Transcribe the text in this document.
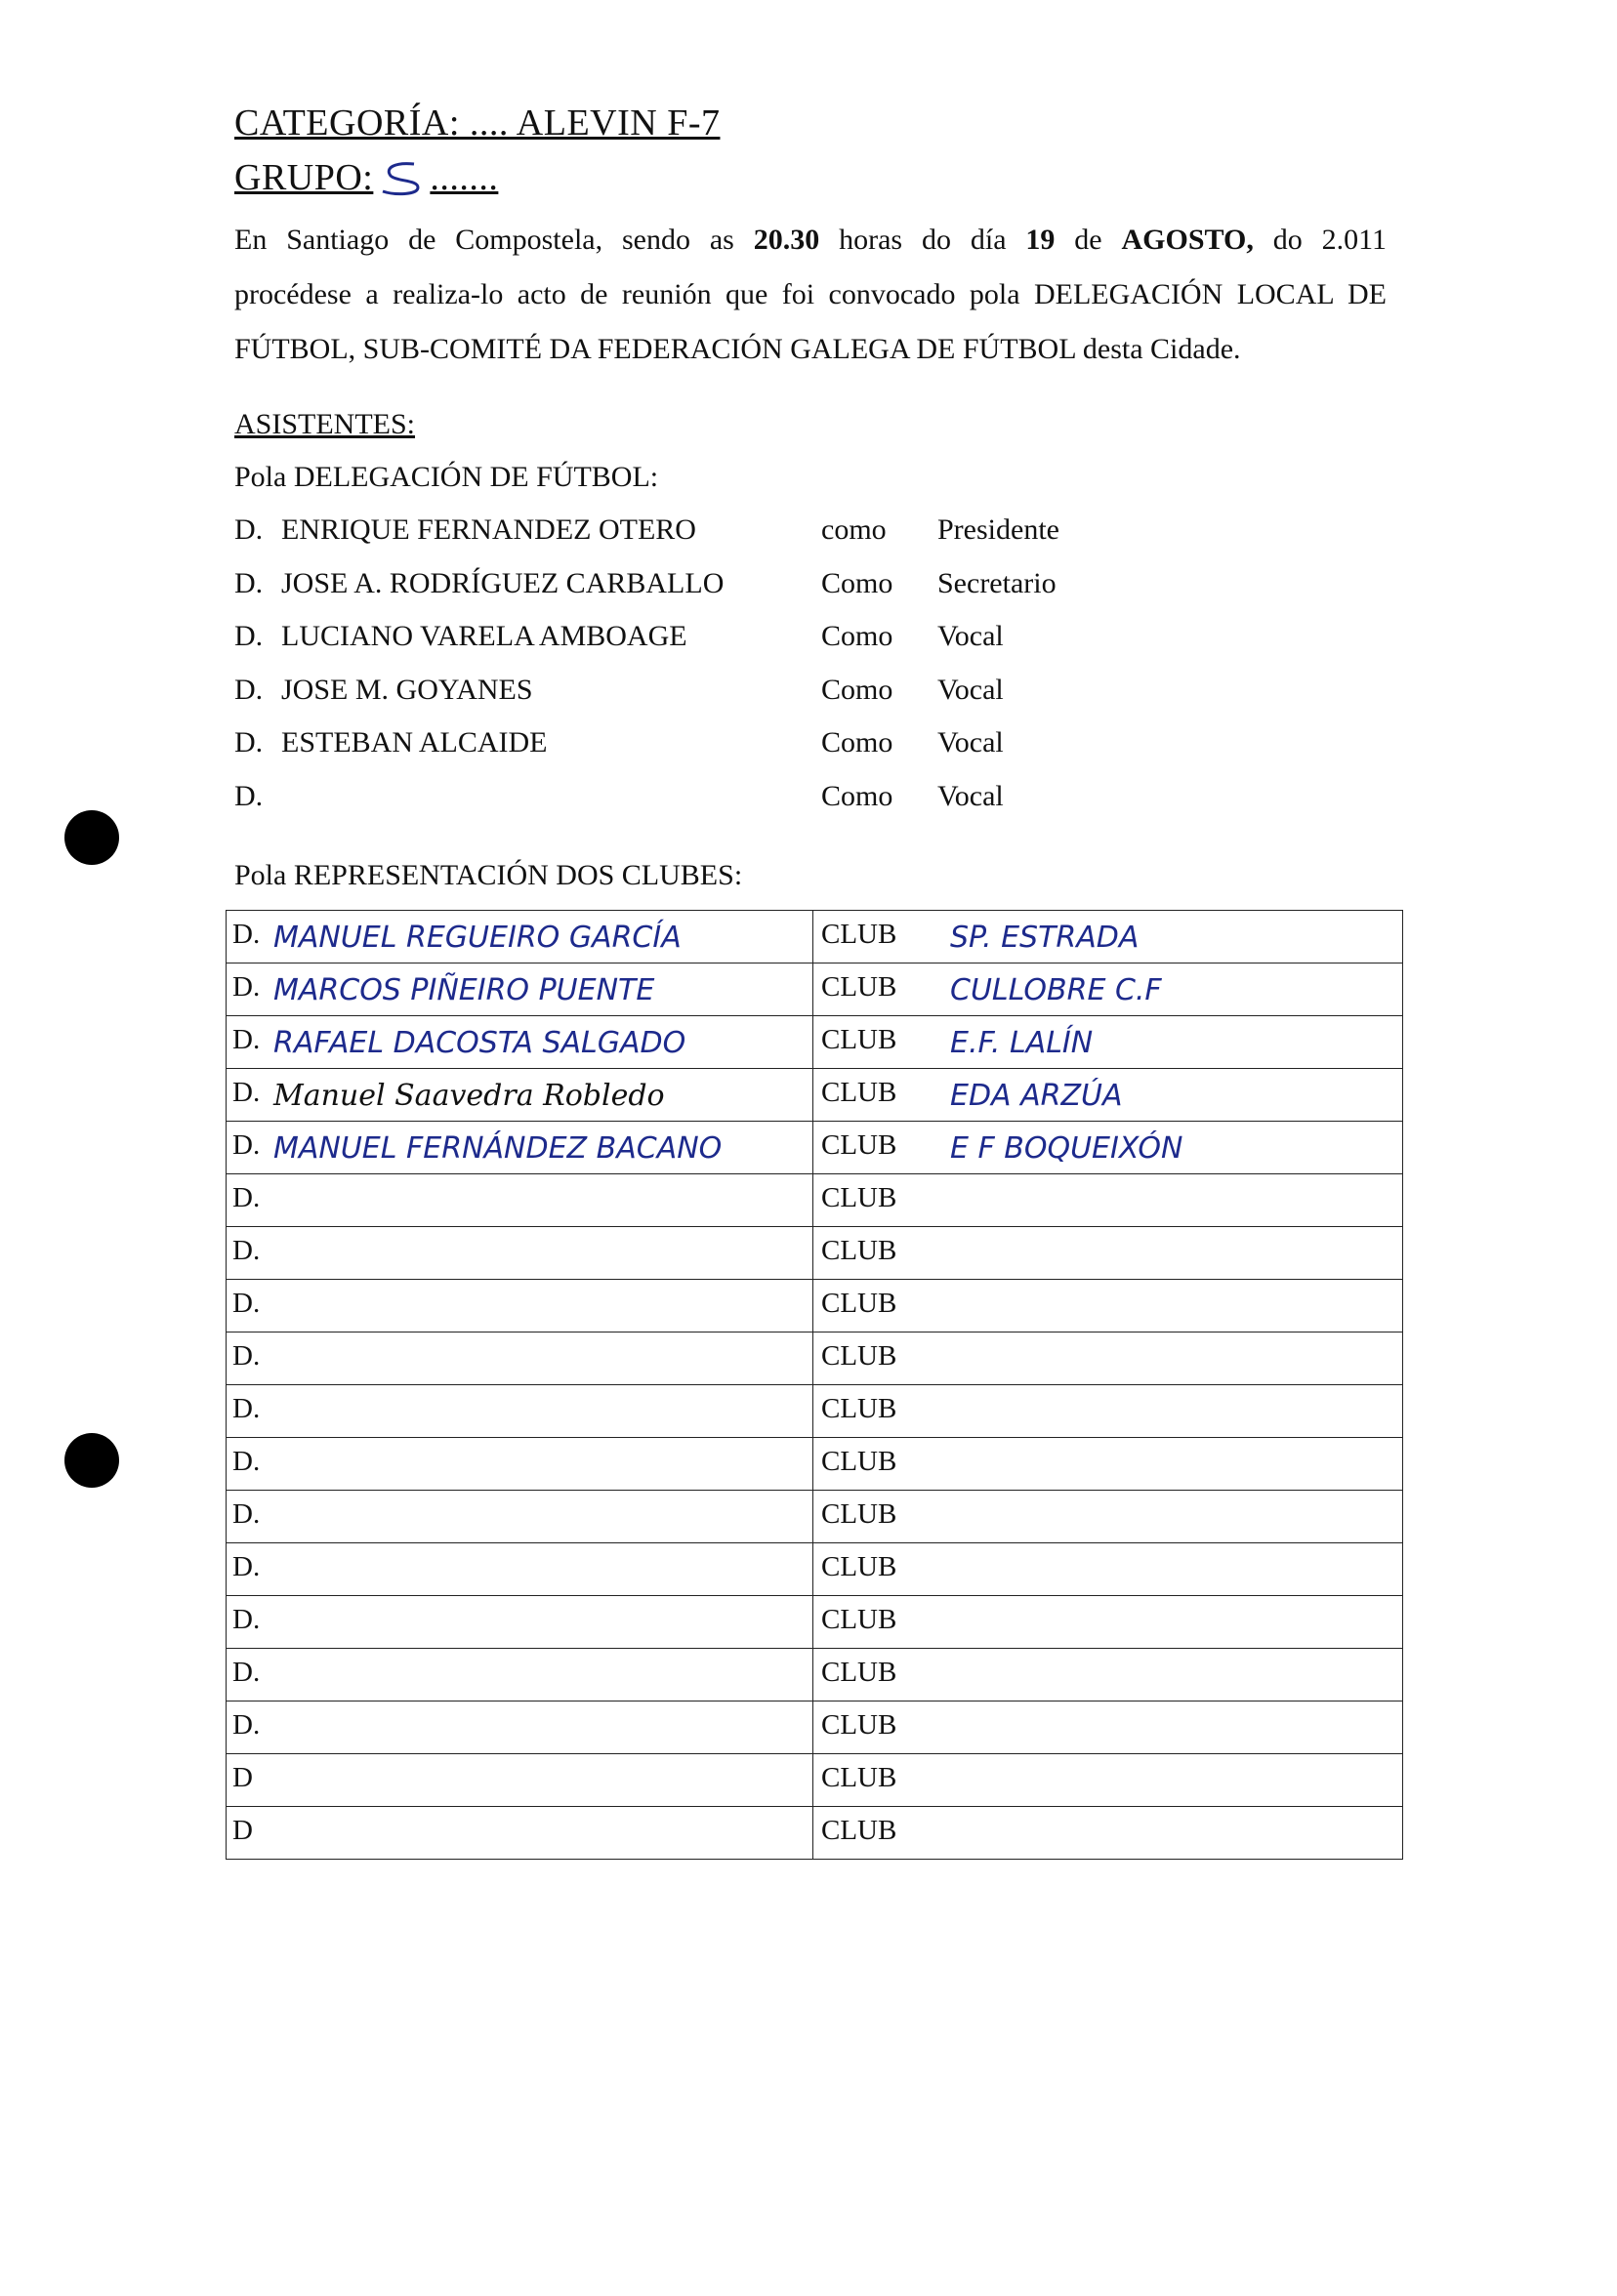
CATEGORÍA: .... ALEVIN F-7
GRUPO: .......
En Santiago de Compostela, sendo as 20.30 horas do día 19 de AGOSTO, do 2.011
procédese a realiza-lo acto de reunión que foi convocado pola DELEGACIÓN LOCAL DE
FÚTBOL, SUB-COMITÉ DA FEDERACIÓN GALEGA DE FÚTBOL desta Cidade.
ASISTENTES:
Pola DELEGACIÓN DE FÚTBOL:
D. ENRIQUE FERNANDEZ OTERO	como Presidente
D. JOSE A. RODRÍGUEZ CARBALLO	Como Secretario
D. LUCIANO VARELA AMBOAGE	Como Vocal
D. JOSE M. GOYANES	Como Vocal
D. ESTEBAN ALCAIDE	Como Vocal
D.	Como Vocal
Pola REPRESENTACIÓN DOS CLUBES:
D. MANUEL REGUEIRO GARCÍA	CLUB SP. ESTRADA

D. MARCOS PIÑEIRO PUENTE	CLUB CULLOBRE C.F

D. RAFAEL DACOSTA SALGADO	CLUB E.F. LALÍN

D. Manuel Saavedra Robledo	CLUB EDA ARZÚA

D. MANUEL FERNÁNDEZ BACANO	CLUB E F BOQUEIXÓN

D.	CLUB

D.	CLUB

D.	CLUB

D.	CLUB

D.	CLUB

D.	CLUB

D.	CLUB

D.	CLUB

D.	CLUB

D.	CLUB

D.	CLUB

D	CLUB

D	CLUB
